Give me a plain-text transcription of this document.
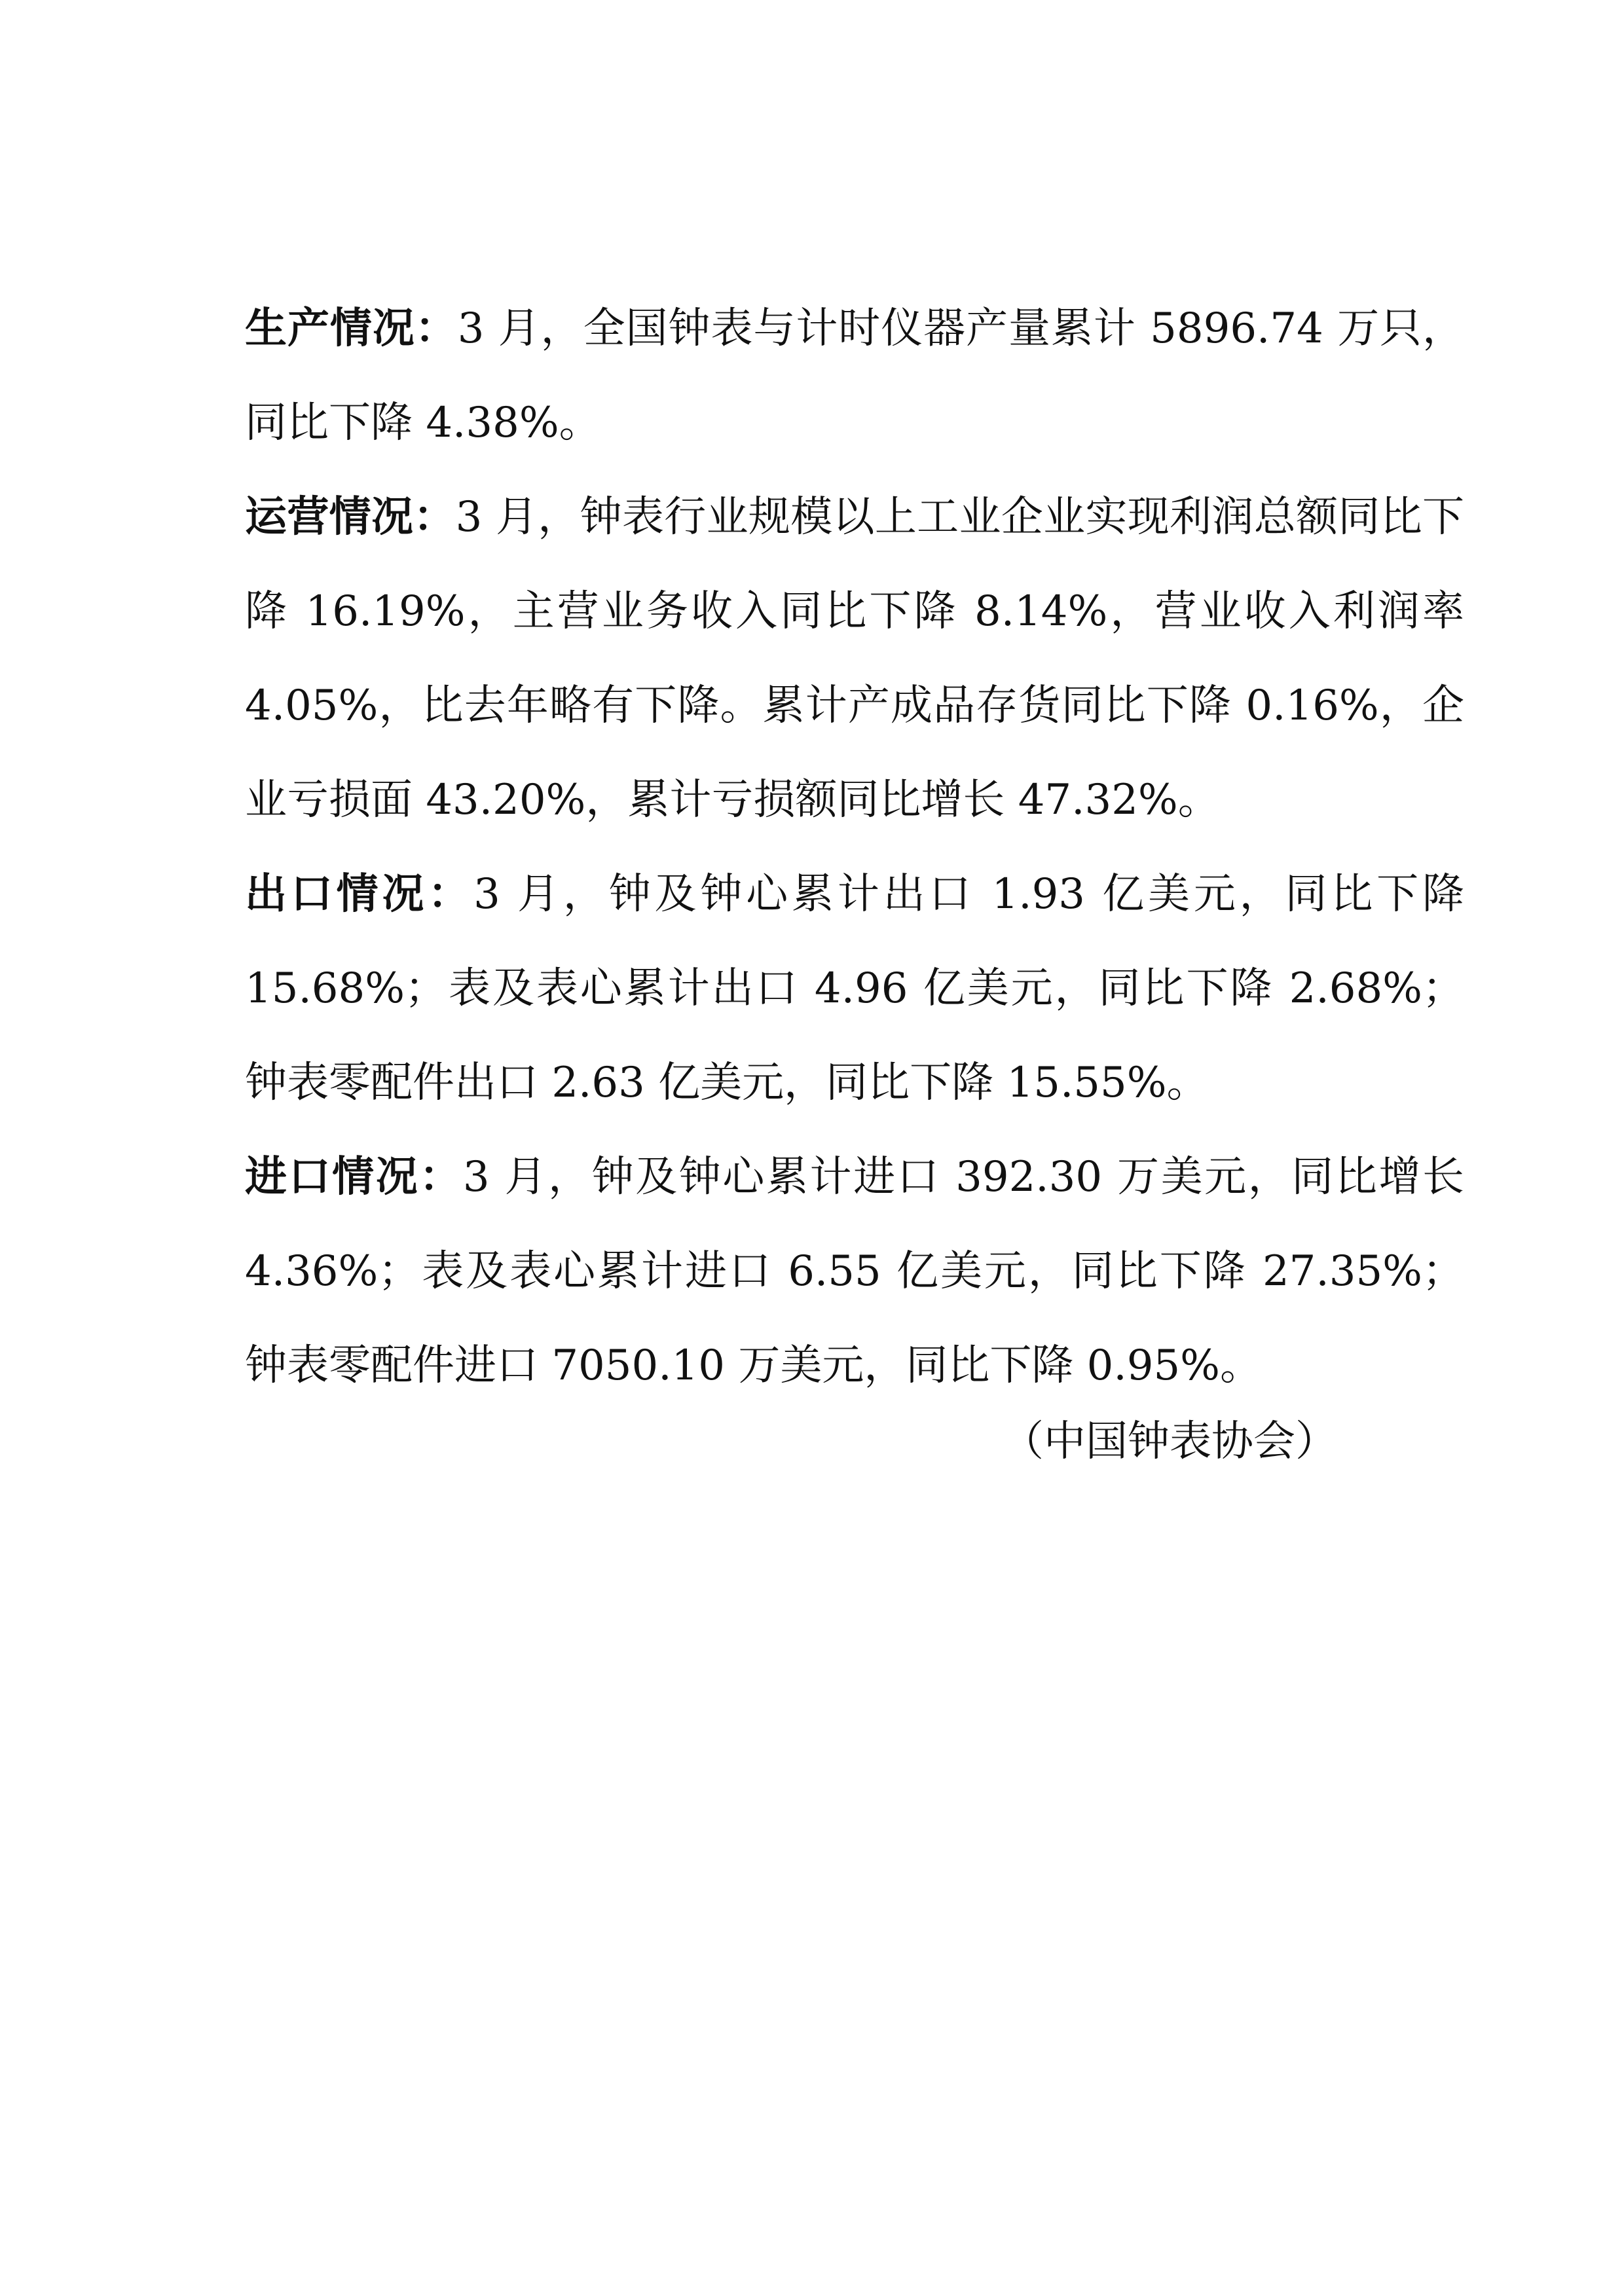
生产情况：3 月，全国钟表与计时仪器产量累计 5896.74 万只，同比下降 4.38%。

运营情况：3 月，钟表行业规模以上工业企业实现利润总额同比下降 16.19%，主营业务收入同比下降 8.14%，营业收入利润率 4.05%，比去年略有下降。累计产成品存货同比下降 0.16%，企业亏损面 43.20%，累计亏损额同比增长 47.32%。

出口情况：3 月，钟及钟心累计出口 1.93 亿美元，同比下降 15.68%；表及表心累计出口 4.96 亿美元，同比下降 2.68%；钟表零配件出口 2.63 亿美元，同比下降 15.55%。

进口情况：3 月，钟及钟心累计进口 392.30 万美元，同比增长 4.36%；表及表心累计进口 6.55 亿美元，同比下降 27.35%；钟表零配件进口 7050.10 万美元，同比下降 0.95%。

（中国钟表协会）
